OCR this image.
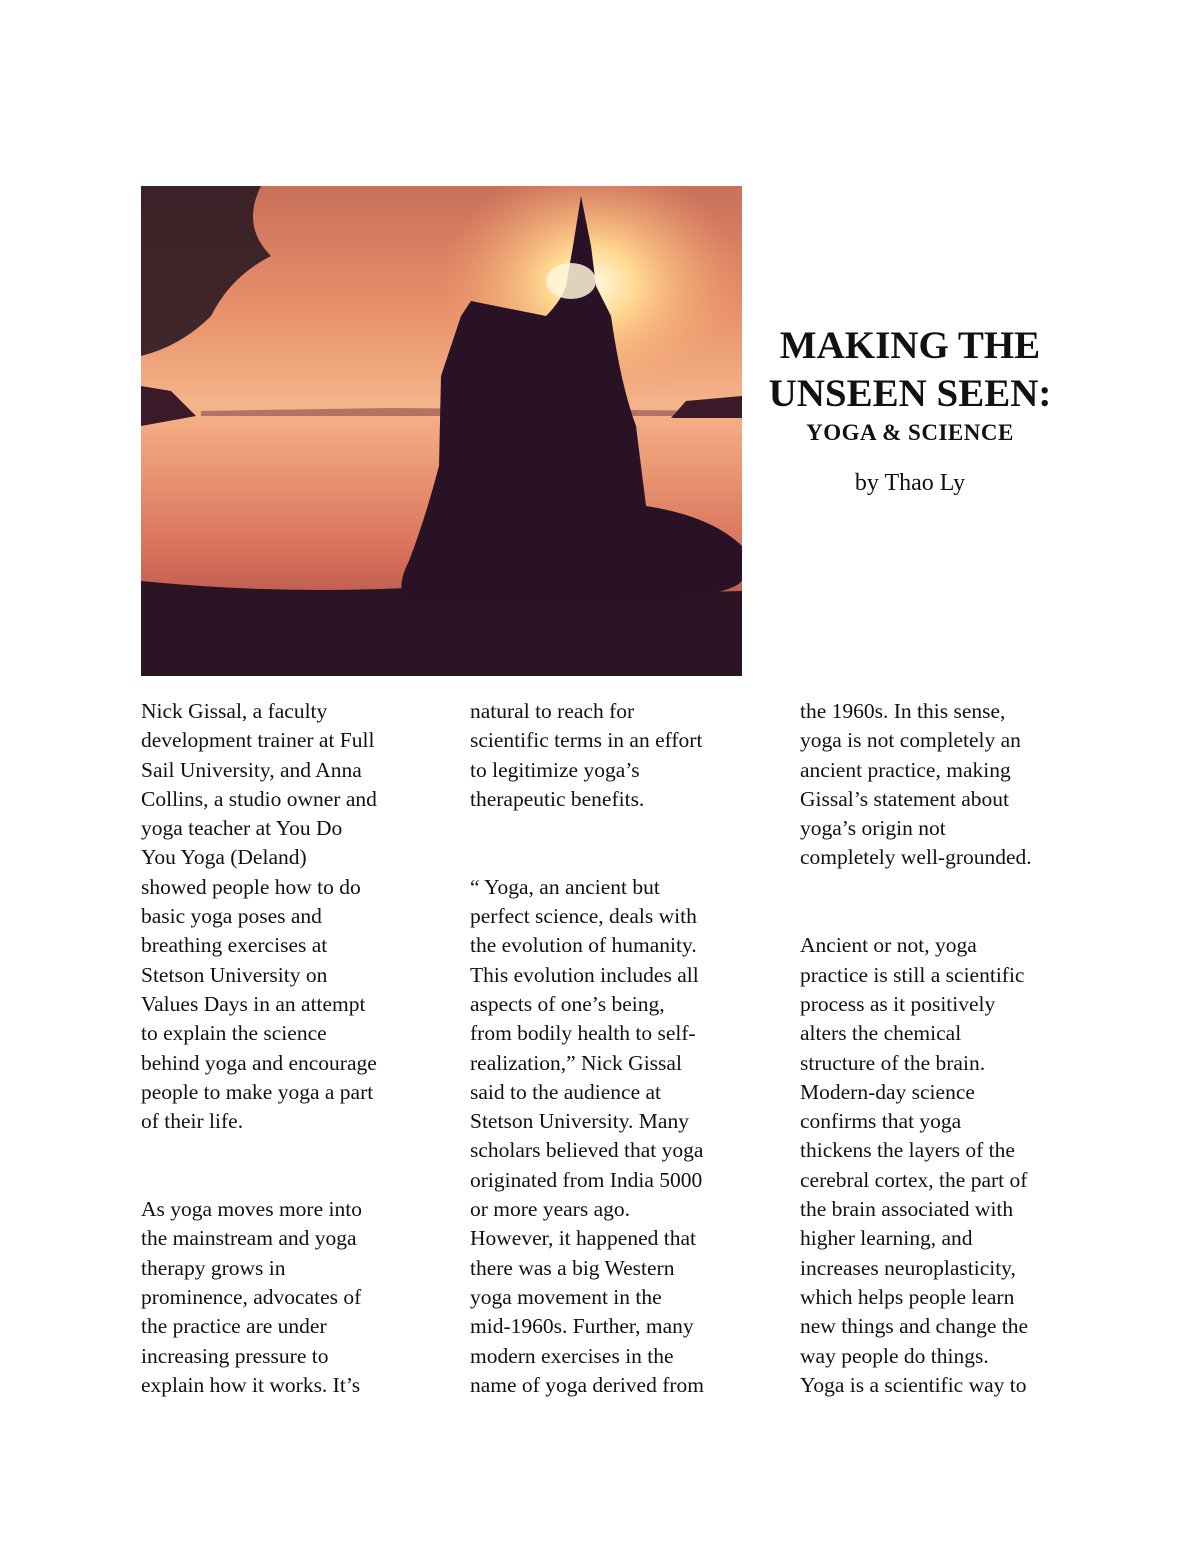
MAKING THE
UNSEEN SEEN:
YOGA & SCIENCE
by Thao Ly

Nick Gissal, a faculty
development trainer at Full
Sail University, and Anna
Collins, a studio owner and
yoga teacher at You Do
You Yoga (Deland)
showed people how to do
basic yoga poses and
breathing exercises at
Stetson University on
Values Days in an attempt
to explain the science
behind yoga and encourage
people to make yoga a part
of their life.

As yoga moves more into
the mainstream and yoga
therapy grows in
prominence, advocates of
the practice are under
increasing pressure to
explain how it works. It’s

natural to reach for
scientific terms in an effort
to legitimize yoga’s
therapeutic benefits.

“ Yoga, an ancient but
perfect science, deals with
the evolution of humanity.
This evolution includes all
aspects of one’s being,
from bodily health to self-
realization,” Nick Gissal
said to the audience at
Stetson University. Many
scholars believed that yoga
originated from India 5000
or more years ago.
However, it happened that
there was a big Western
yoga movement in the
mid-1960s. Further, many
modern exercises in the
name of yoga derived from

the 1960s. In this sense,
yoga is not completely an
ancient practice, making
Gissal’s statement about
yoga’s origin not
completely well-grounded.

Ancient or not, yoga
practice is still a scientific
process as it positively
alters the chemical
structure of the brain.
Modern-day science
confirms that yoga
thickens the layers of the
cerebral cortex, the part of
the brain associated with
higher learning, and
increases neuroplasticity,
which helps people learn
new things and change the
way people do things.
Yoga is a scientific way to
